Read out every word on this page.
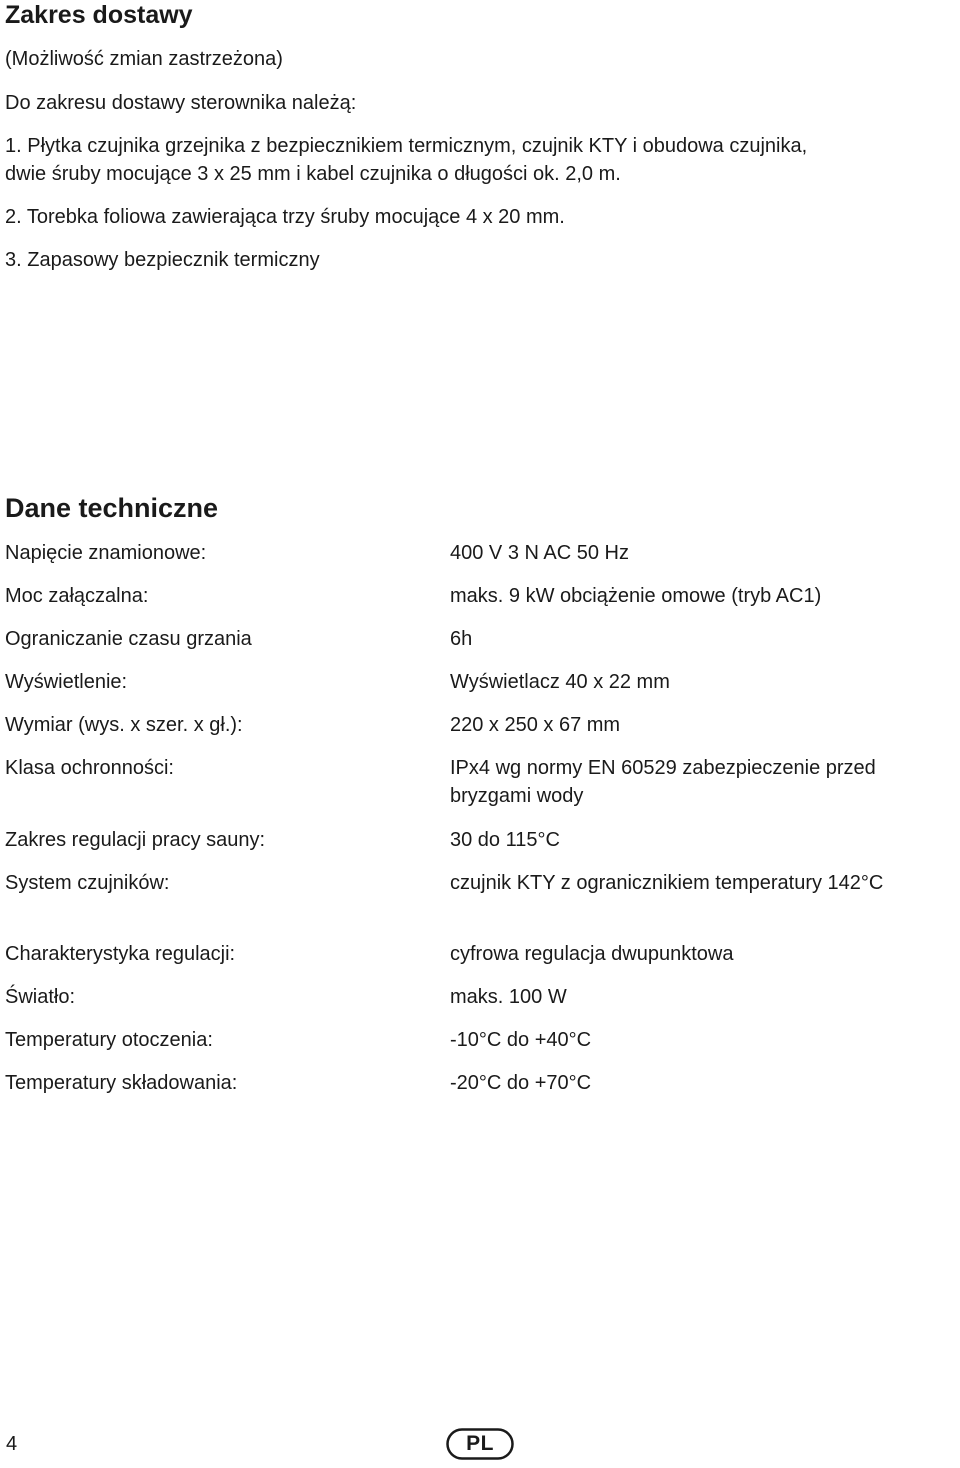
Zakres dostawy
(Możliwość zmian zastrzeżona)
Do zakresu dostawy sterownika należą:
1. Płytka czujnika grzejnika z bezpiecznikiem termicznym, czujnik KTY i obudowa czujnika,
dwie śruby mocujące 3 x 25 mm i kabel czujnika o długości ok. 2,0 m.
2. Torebka foliowa zawierająca trzy śruby mocujące 4 x 20 mm.
3. Zapasowy bezpiecznik termiczny
Dane techniczne
Napięcie znamionowe:	400 V 3 N AC 50 Hz
Moc załączalna:	maks. 9 kW obciążenie omowe (tryb AC1)
Ograniczanie czasu grzania	6h
Wyświetlenie:	Wyświetlacz 40 x 22 mm
Wymiar (wys. x szer. x gł.):	220 x 250 x 67 mm
Klasa ochronności:	IPx4 wg normy EN 60529 zabezpieczenie przed bryzgami wody
Zakres regulacji pracy sauny:	30 do 115°C
System czujników:	czujnik KTY z ogranicznikiem temperatury 142°C
Charakterystyka regulacji:	cyfrowa regulacja dwupunktowa
Światło:	maks. 100 W
Temperatury otoczenia:	-10°C do +40°C
Temperatury składowania:	-20°C do +70°C
4	PL
